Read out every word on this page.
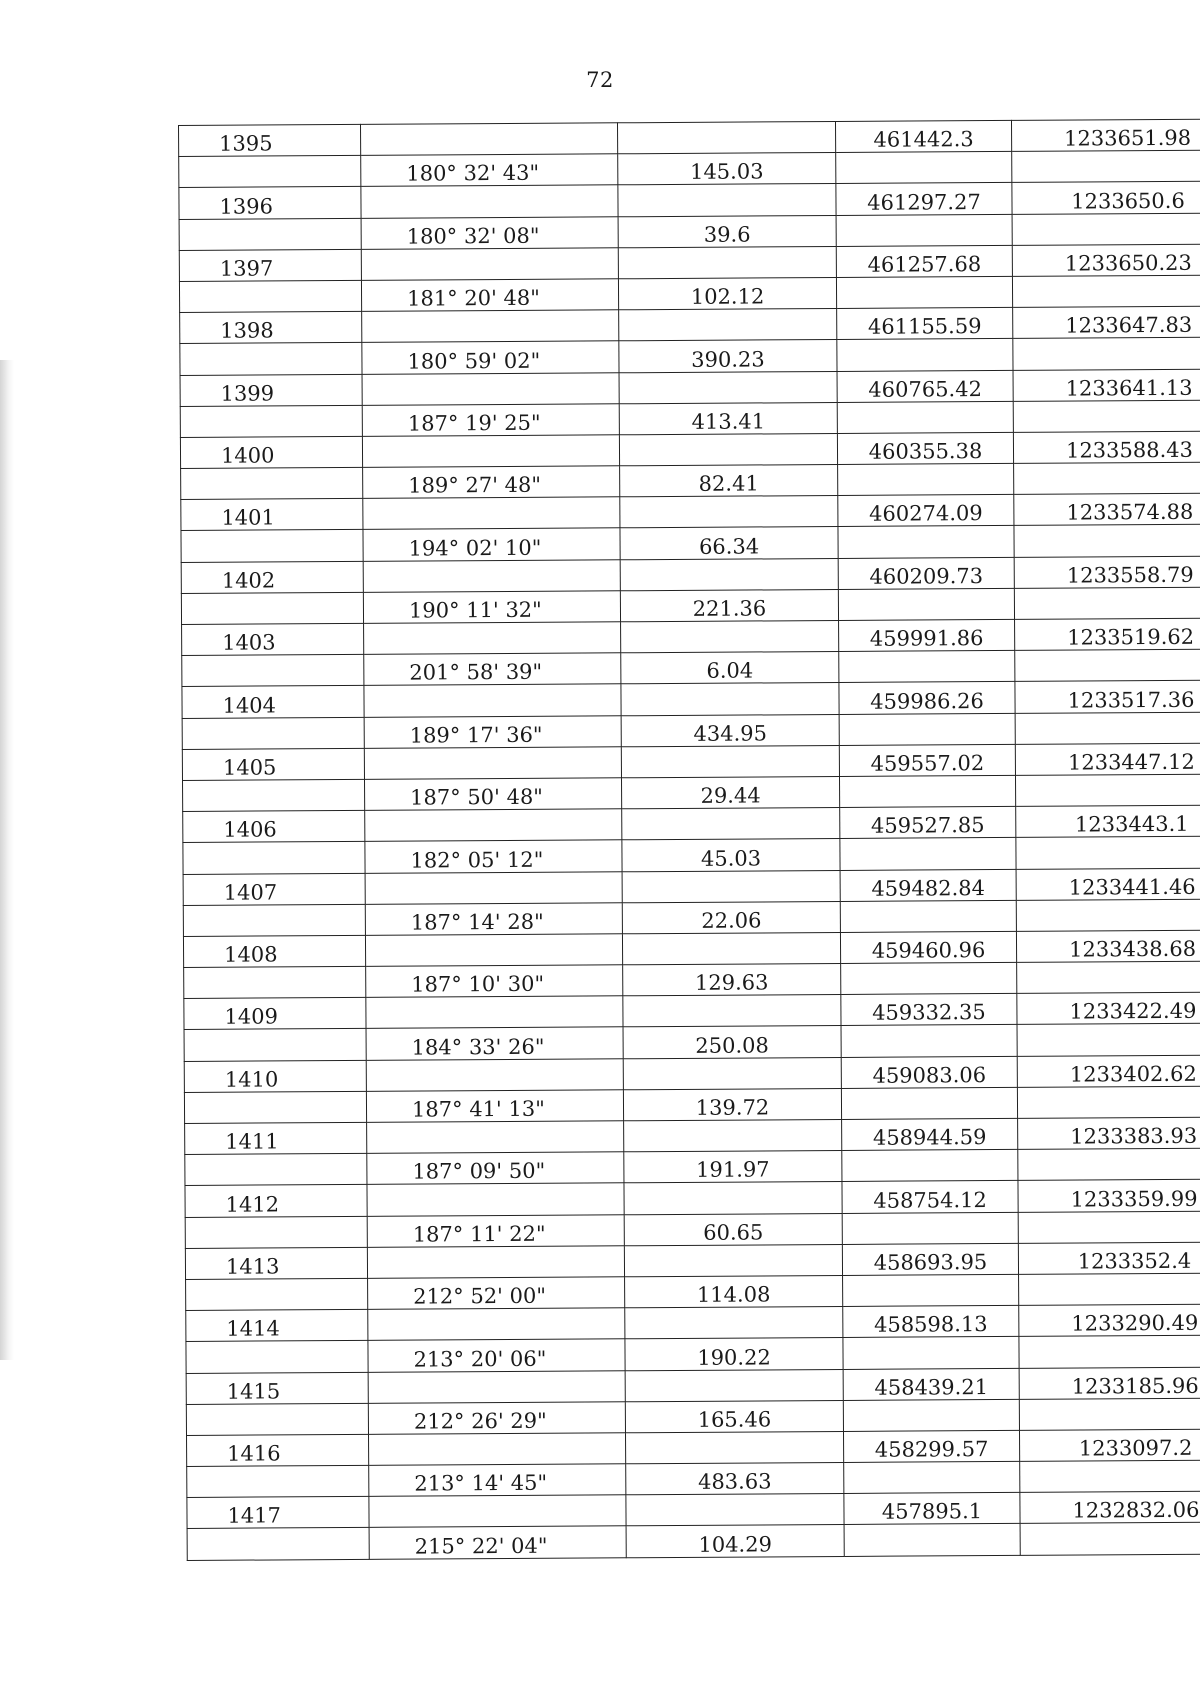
72
1395			461442.3	1233651.98
	180° 32' 43"	145.03		
1396			461297.27	1233650.6
	180° 32' 08"	39.6		
1397			461257.68	1233650.23
	181° 20' 48"	102.12		
1398			461155.59	1233647.83
	180° 59' 02"	390.23		
1399			460765.42	1233641.13
	187° 19' 25"	413.41		
1400			460355.38	1233588.43
	189° 27' 48"	82.41		
1401			460274.09	1233574.88
	194° 02' 10"	66.34		
1402			460209.73	1233558.79
	190° 11' 32"	221.36		
1403			459991.86	1233519.62
	201° 58' 39"	6.04		
1404			459986.26	1233517.36
	189° 17' 36"	434.95		
1405			459557.02	1233447.12
	187° 50' 48"	29.44		
1406			459527.85	1233443.1
	182° 05' 12"	45.03		
1407			459482.84	1233441.46
	187° 14' 28"	22.06		
1408			459460.96	1233438.68
	187° 10' 30"	129.63		
1409			459332.35	1233422.49
	184° 33' 26"	250.08		
1410			459083.06	1233402.62
	187° 41' 13"	139.72		
1411			458944.59	1233383.93
	187° 09' 50"	191.97		
1412			458754.12	1233359.99
	187° 11' 22"	60.65		
1413			458693.95	1233352.4
	212° 52' 00"	114.08		
1414			458598.13	1233290.49
	213° 20' 06"	190.22		
1415			458439.21	1233185.96
	212° 26' 29"	165.46		
1416			458299.57	1233097.2
	213° 14' 45"	483.63		
1417			457895.1	1232832.06
	215° 22' 04"	104.29		
